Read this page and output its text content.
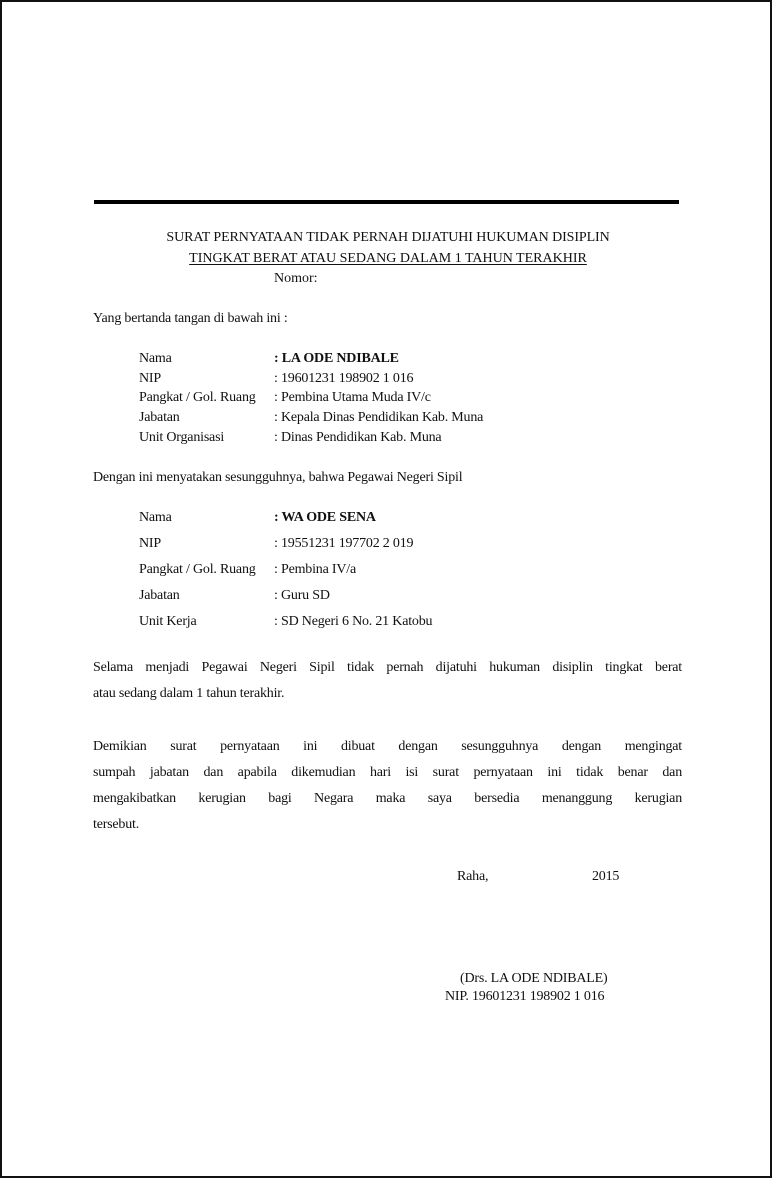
SURAT PERNYATAAN TIDAK PERNAH DIJATUHI HUKUMAN DISIPLIN
TINGKAT BERAT ATAU SEDANG DALAM 1 TAHUN TERAKHIR
Nomor:
Yang bertanda tangan di bawah ini :
Nama	: LA ODE NDIBALE
NIP	: 19601231 198902 1 016
Pangkat / Gol. Ruang : Pembina Utama Muda IV/c
Jabatan	: Kepala Dinas Pendidikan Kab. Muna
Unit Organisasi	: Dinas Pendidikan Kab. Muna
Dengan ini menyatakan sesungguhnya, bahwa Pegawai Negeri Sipil
Nama	: WA ODE SENA
NIP	: 19551231 197702 2 019
Pangkat / Gol. Ruang : Pembina IV/a
Jabatan	: Guru SD
Unit Kerja	: SD Negeri 6 No. 21 Katobu
Selama menjadi Pegawai Negeri Sipil tidak pernah dijatuhi hukuman disiplin tingkat berat
atau sedang dalam 1 tahun terakhir.
Demikian surat pernyataan ini dibuat dengan sesungguhnya dengan mengingat
sumpah jabatan dan apabila dikemudian hari isi surat pernyataan ini tidak benar dan
mengakibatkan kerugian bagi Negara maka saya bersedia menanggung kerugian
tersebut.
Raha,	2015
(Drs. LA ODE NDIBALE)
NIP. 19601231 198902 1 016
